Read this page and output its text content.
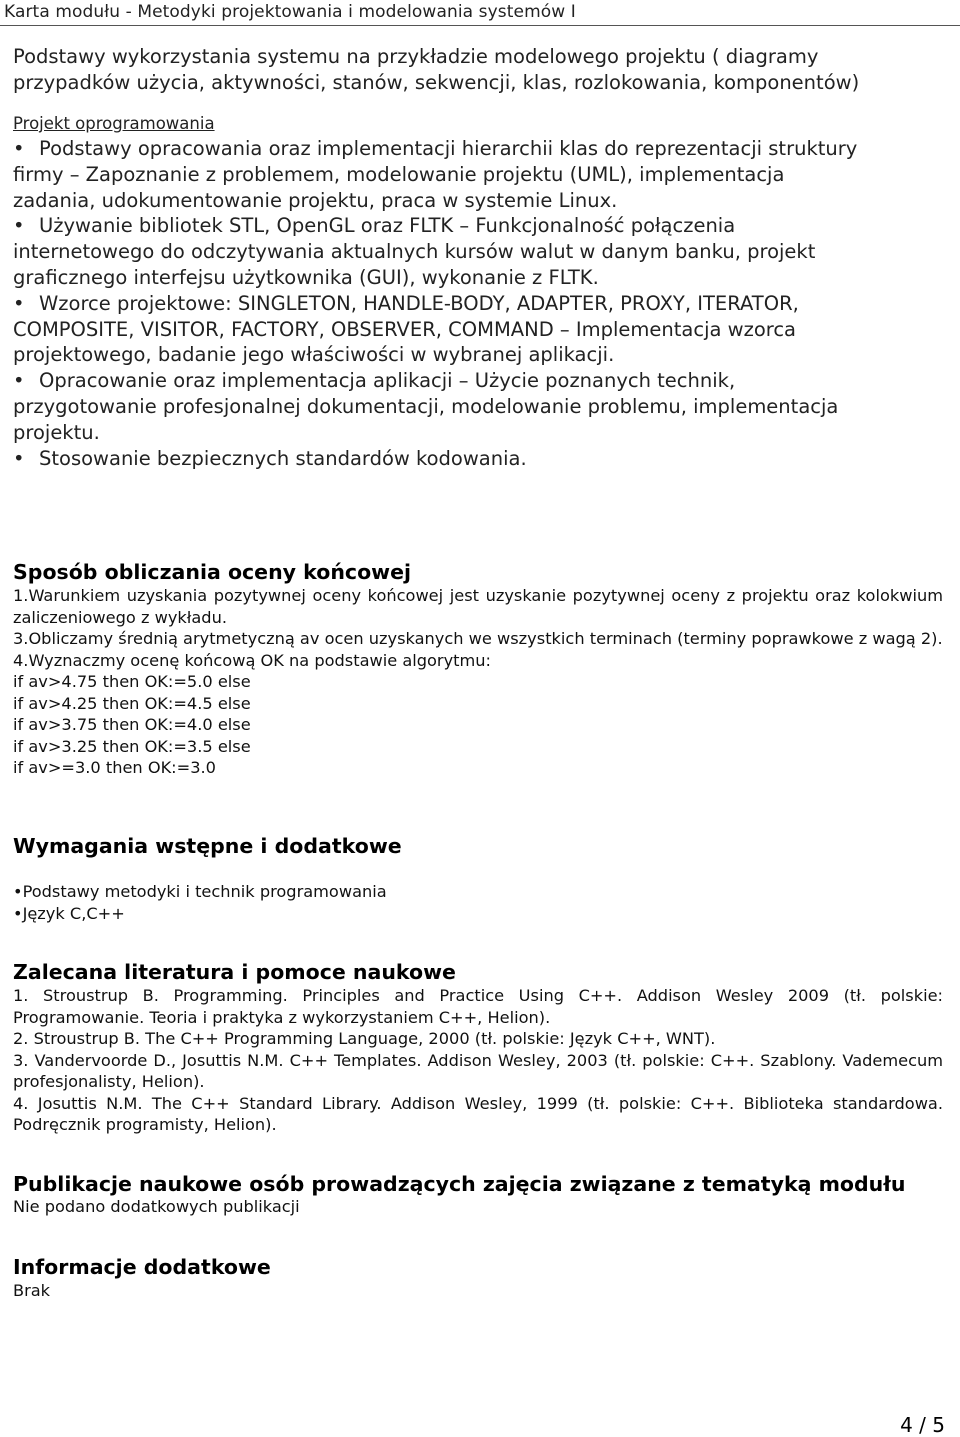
Karta modułu - Metodyki projektowania i modelowania systemów I
Podstawy wykorzystania systemu na przykładzie modelowego projektu ( diagramy
przypadków użycia, aktywności, stanów, sekwencji, klas, rozlokowania, komponentów)
Projekt oprogramowania
• Podstawy opracowania oraz implementacji hierarchii klas do reprezentacji struktury
firmy – Zapoznanie z problemem, modelowanie projektu (UML), implementacja
zadania, udokumentowanie projektu, praca w systemie Linux.
• Używanie bibliotek STL, OpenGL oraz FLTK – Funkcjonalność połączenia
internetowego do odczytywania aktualnych kursów walut w danym banku, projekt
graficznego interfejsu użytkownika (GUI), wykonanie z FLTK.
• Wzorce projektowe: SINGLETON, HANDLE-BODY, ADAPTER, PROXY, ITERATOR,
COMPOSITE, VISITOR, FACTORY, OBSERVER, COMMAND – Implementacja wzorca
projektowego, badanie jego właściwości w wybranej aplikacji.
• Opracowanie oraz implementacja aplikacji – Użycie poznanych technik,
przygotowanie profesjonalnej dokumentacji, modelowanie problemu, implementacja
projektu.
• Stosowanie bezpiecznych standardów kodowania.
Sposób obliczania oceny końcowej

1.Warunkiem uzyskania pozytywnej oceny końcowej jest uzyskanie pozytywnej oceny z projektu oraz kolokwium zaliczeniowego z wykładu.

3.Obliczamy średnią arytmetyczną av ocen uzyskanych we wszystkich terminach (terminy poprawkowe z wagą 2).

4.Wyznaczmy ocenę końcową OK na podstawie algorytmu:

if av>4.75 then OK:=5.0 else

if av>4.25 then OK:=4.5 else

if av>3.75 then OK:=4.0 else

if av>3.25 then OK:=3.5 else

if av>=3.0 then OK:=3.0

Wymagania wstępne i dodatkowe

•Podstawy metodyki i technik programowania

•Język C,C++

Zalecana literatura i pomoce naukowe

1. Stroustrup B. Programming. Principles and Practice Using C++. Addison Wesley 2009 (tł. polskie: Programowanie. Teoria i praktyka z wykorzystaniem C++, Helion).

2. Stroustrup B. The C++ Programming Language, 2000 (tł. polskie: Język C++, WNT).

3. Vandervoorde D., Josuttis N.M. C++ Templates. Addison Wesley, 2003 (tł. polskie: C++. Szablony. Vademecum profesjonalisty, Helion).

4. Josuttis N.M. The C++ Standard Library. Addison Wesley, 1999 (tł. polskie: C++. Biblioteka standardowa. Podręcznik programisty, Helion).

Publikacje naukowe osób prowadzących zajęcia związane z tematyką modułu
Nie podano dodatkowych publikacji
Informacje dodatkowe
Brak
4 / 5
